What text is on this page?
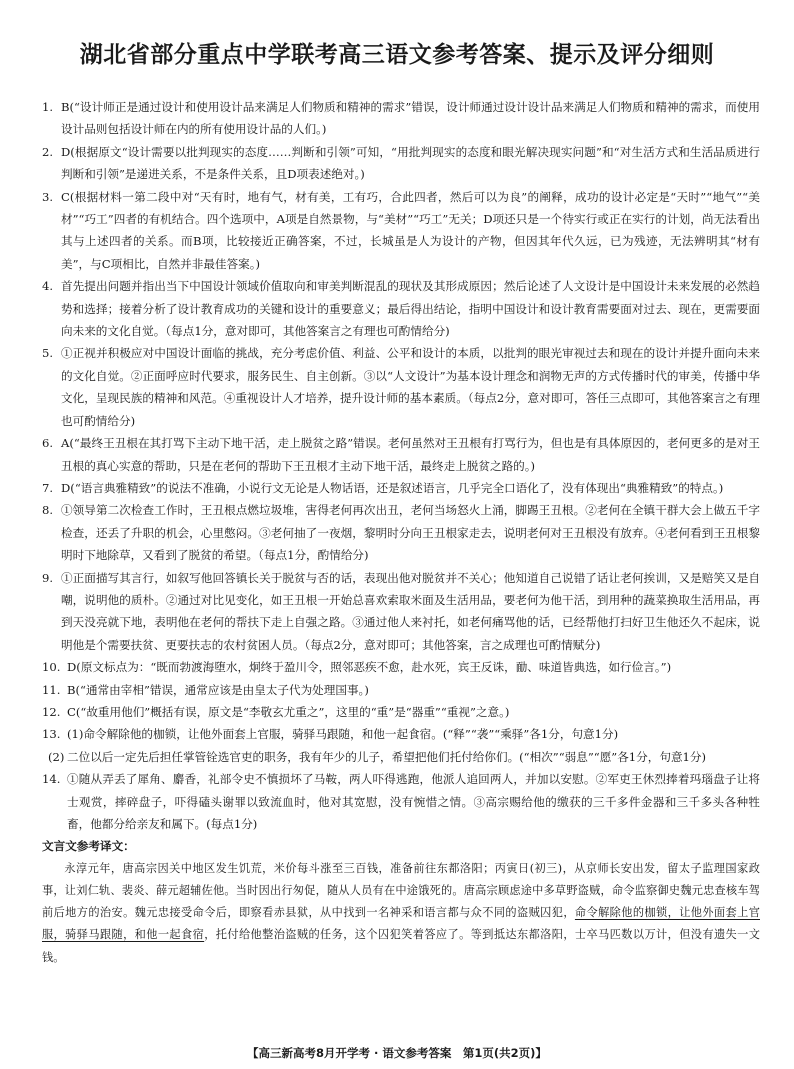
湖北省部分重点中学联考高三语文参考答案、提示及评分细则

1. B(“设计师正是通过设计和使用设计品来满足人们物质和精神的需求”错误，设计师通过设计设计品来满足人们物质和精神的需求，而使用设计品则包括设计师在内的所有使用设计品的人们。)

2. D(根据原文“设计需要以批判现实的态度……判断和引领”可知，“用批判现实的态度和眼光解决现实问题”和“对生活方式和生活品质进行判断和引领”是递进关系，不是条件关系，且D项表述绝对。)

3. C(根据材料一第二段中对“天有时，地有气，材有美，工有巧，合此四者，然后可以为良”的阐释，成功的设计必定是“天时”“地气”“美材”“巧工”四者的有机结合。四个选项中，A项是自然景物，与“美材”“巧工”无关；D项还只是一个待实行或正在实行的计划，尚无法看出其与上述四者的关系。而B项，比较接近正确答案，不过，长城虽是人为设计的产物，但因其年代久远，已为残迹，无法辨明其“材有美”，与C项相比，自然并非最佳答案。)

4. 首先提出问题并指出当下中国设计领域价值取向和审美判断混乱的现状及其形成原因；然后论述了人文设计是中国设计未来发展的必然趋势和选择；接着分析了设计教育成功的关键和设计的重要意义；最后得出结论，指明中国设计和设计教育需要面对过去、现在，更需要面向未来的文化自觉。（每点1分，意对即可，其他答案言之有理也可酌情给分)

5. ①正视并积极应对中国设计面临的挑战，充分考虑价值、利益、公平和设计的本质，以批判的眼光审视过去和现在的设计并提升面向未来的文化自觉。②正面呼应时代要求，服务民生、自主创新。③以“人文设计”为基本设计理念和润物无声的方式传播时代的审美，传播中华文化，呈现民族的精神和风范。④重视设计人才培养，提升设计师的基本素质。（每点2分，意对即可，答任三点即可，其他答案言之有理也可酌情给分)

6. A(“最终王丑根在其打骂下主动下地干活，走上脱贫之路”错误。老何虽然对王丑根有打骂行为，但也是有具体原因的，老何更多的是对王丑根的真心实意的帮助，只是在老何的帮助下王丑根才主动下地干活，最终走上脱贫之路的。)

7. D(“语言典雅精致”的说法不准确，小说行文无论是人物话语，还是叙述语言，几乎完全口语化了，没有体现出“典雅精致”的特点。)

8. ①领导第二次检查工作时，王丑根点燃垃圾堆，害得老何再次出丑，老何当场怒火上涌，脚踢王丑根。②老何在全镇干群大会上做五千字检查，还丢了升职的机会，心里憋闷。③老何抽了一夜烟，黎明时分向王丑根家走去，说明老何对王丑根没有放弃。④老何看到王丑根黎明时下地除草，又看到了脱贫的希望。（每点1分，酌情给分)

9. ①正面描写其言行，如叙写他回答镇长关于脱贫与否的话，表现出他对脱贫并不关心；他知道自己说错了话让老何挨训，又是赔笑又是自嘲，说明他的质朴。②通过对比见变化，如王丑根一开始总喜欢索取米面及生活用品，要老何为他干活，到用种的蔬菜换取生活用品，再到天没亮就下地，表明他在老何的帮扶下走上自强之路。③通过他人来衬托，如老何痛骂他的话，已经帮他打扫好卫生他还久不起床，说明他是个需要扶贫、更要扶志的农村贫困人员。（每点2分，意对即可；其他答案，言之成理也可酌情赋分)

10. D(原文标点为：“既而勃渡海堕水，炯终于盈川令，照邻恶疾不愈，赴水死，宾王反诛，勔、味道皆典选，如行俭言。”)

11. B(“通常由宰相”错误，通常应该是由皇太子代为处理国事。)

12. C(“故重用他们”概括有误，原文是“李敬玄尤重之”，这里的“重”是“器重”“重视”之意。)

13. (1)命令解除他的枷锁，让他外面套上官服，骑驿马跟随，和他一起食宿。(“释”“袭”“乘驿”各1分，句意1分)

(2) 二位以后一定先后担任掌管铨选官吏的职务，我有年少的儿子，希望把他们托付给你们。(“相次”“弱息”“愿”各1分，句意1分)

14. ①随从弄丢了犀角、麝香，礼部令史不慎损坏了马鞍，两人吓得逃跑，他派人追回两人，并加以安慰。②军吏王休烈捧着玛瑙盘子让将士观赏，摔碎盘子，吓得磕头谢罪以致流血时，他对其宽慰，没有惋惜之情。③高宗赐给他的缴获的三千多件金器和三千多头各种牲畜，他都分给亲友和属下。(每点1分)

文言文参考译文：

永淳元年，唐高宗因关中地区发生饥荒，米价每斗涨至三百钱，准备前往东都洛阳；丙寅日(初三)，从京师长安出发，留太子监理国家政事，让刘仁轨、裴炎、薛元超辅佐他。当时因出行匆促，随从人员有在中途饿死的。唐高宗顾虑途中多草野盗贼，命令监察御史魏元忠查核车驾前后地方的治安。魏元忠接受命令后，即察看赤县狱，从中找到一名神采和语言都与众不同的盗贼囚犯，命令解除他的枷锁，让他外面套上官服，骑驿马跟随，和他一起食宿，托付给他整治盗贼的任务，这个囚犯笑着答应了。等到抵达东都洛阳，士卒马匹数以万计，但没有遗失一文钱。

【高三新高考8月开学考 · 语文参考答案　第1页(共2页)】
